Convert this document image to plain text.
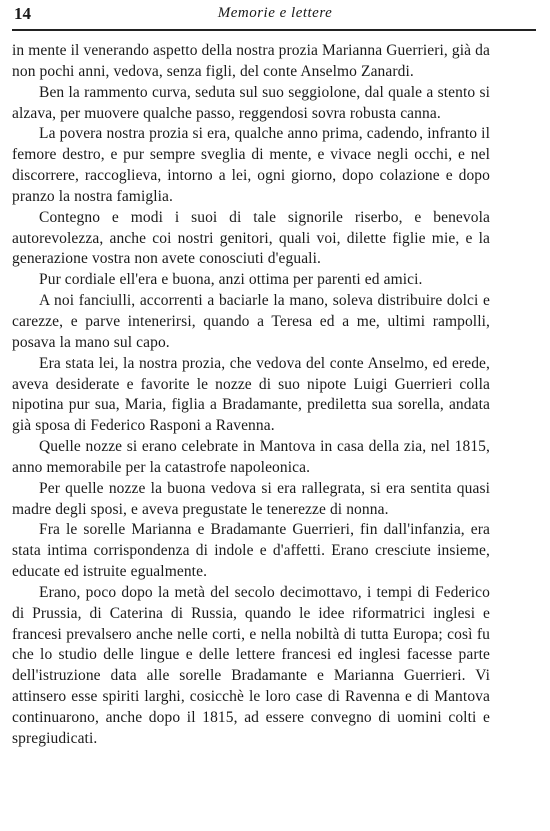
14	Memorie e lettere

in mente il venerando aspetto della nostra prozia Marianna Guerrieri, già da non pochi anni, vedova, senza figli, del conte Anselmo Zanardi.

Ben la rammento curva, seduta sul suo seggiolone, dal quale a stento si alzava, per muovere qualche passo, reggendosi sovra robusta canna.

La povera nostra prozia si era, qualche anno prima, cadendo, infranto il femore destro, e pur sempre sveglia di mente, e vivace negli occhi, e nel discorrere, raccoglieva, intorno a lei, ogni giorno, dopo colazione e dopo pranzo la nostra famiglia.

Contegno e modi i suoi di tale signorile riserbo, e benevola autorevolezza, anche coi nostri genitori, quali voi, dilette figlie mie, e la generazione vostra non avete conosciuti d'eguali.

Pur cordiale ell'era e buona, anzi ottima per parenti ed amici.

A noi fanciulli, accorrenti a baciarle la mano, soleva distribuire dolci e carezze, e parve intenerirsi, quando a Teresa ed a me, ultimi rampolli, posava la mano sul capo.

Era stata lei, la nostra prozia, che vedova del conte Anselmo, ed erede, aveva desiderate e favorite le nozze di suo nipote Luigi Guerrieri colla nipotina pur sua, Maria, figlia a Bradamante, prediletta sua sorella, andata già sposa di Federico Rasponi a Ravenna.

Quelle nozze si erano celebrate in Mantova in casa della zia, nel 1815, anno memorabile per la catastrofe napoleonica.

Per quelle nozze la buona vedova si era rallegrata, si era sentita quasi madre degli sposi, e aveva pregustate le tenerezze di nonna.

Fra le sorelle Marianna e Bradamante Guerrieri, fin dall'infanzia, era stata intima corrispondenza di indole e d'affetti. Erano cresciute insieme, educate ed istruite egualmente.

Erano, poco dopo la metà del secolo decimottavo, i tempi di Federico di Prussia, di Caterina di Russia, quando le idee riformatrici inglesi e francesi prevalsero anche nelle corti, e nella nobiltà di tutta Europa; così fu che lo studio delle lingue e delle lettere francesi ed inglesi facesse parte dell'istruzione data alle sorelle Bradamante e Marianna Guerrieri. Vi attinsero esse spiriti larghi, cosicchè le loro case di Ravenna e di Mantova continuarono, anche dopo il 1815, ad essere convegno di uomini colti e spregiudicati.
